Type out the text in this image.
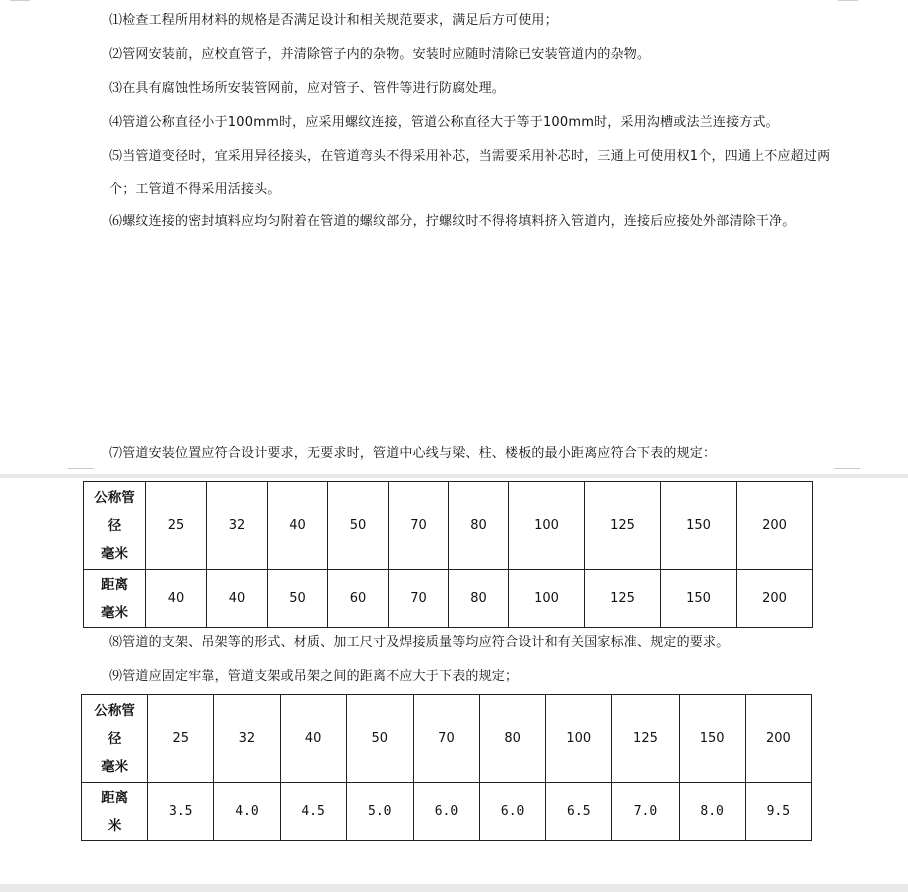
⑴检查工程所用材料的规格是否满足设计和相关规范要求，满足后方可使用；
⑵管网安装前，应校直管子，并清除管子内的杂物。安装时应随时清除已安装管道内的杂物。
⑶在具有腐蚀性场所安装管网前，应对管子、管件等进行防腐处理。
⑷管道公称直径小于100mm时，应采用螺纹连接，管道公称直径大于等于100mm时，采用沟槽或法兰连接方式。
⑸当管道变径时，宜采用异径接头，在管道弯头不得采用补芯，当需要采用补芯时，三通上可使用权1个，四通上不应超过两个；工管道不得采用活接头。
⑹螺纹连接的密封填料应均匀附着在管道的螺纹部分，拧螺纹时不得将填料挤入管道内，连接后应接处外部清除干净。
⑺管道安装位置应符合设计要求，无要求时，管道中心线与梁、柱、楼板的最小距离应符合下表的规定：
公称管
径
毫米	25	32	40	50	70	80	100	125	150	200

距离
毫米	40	40	50	60	70	80	100	125	150	200
⑻管道的支架、吊架等的形式、材质、加工尺寸及焊接质量等均应符合设计和有关国家标准、规定的要求。
⑼管道应固定牢靠，管道支架或吊架之间的距离不应大于下表的规定；
公称管
径
毫米	25	32	40	50	70	80	100	125	150	200

距离
米	3.5	4.0	4.5	5.0	6.0	6.0	6.5	7.0	8.0	9.5
